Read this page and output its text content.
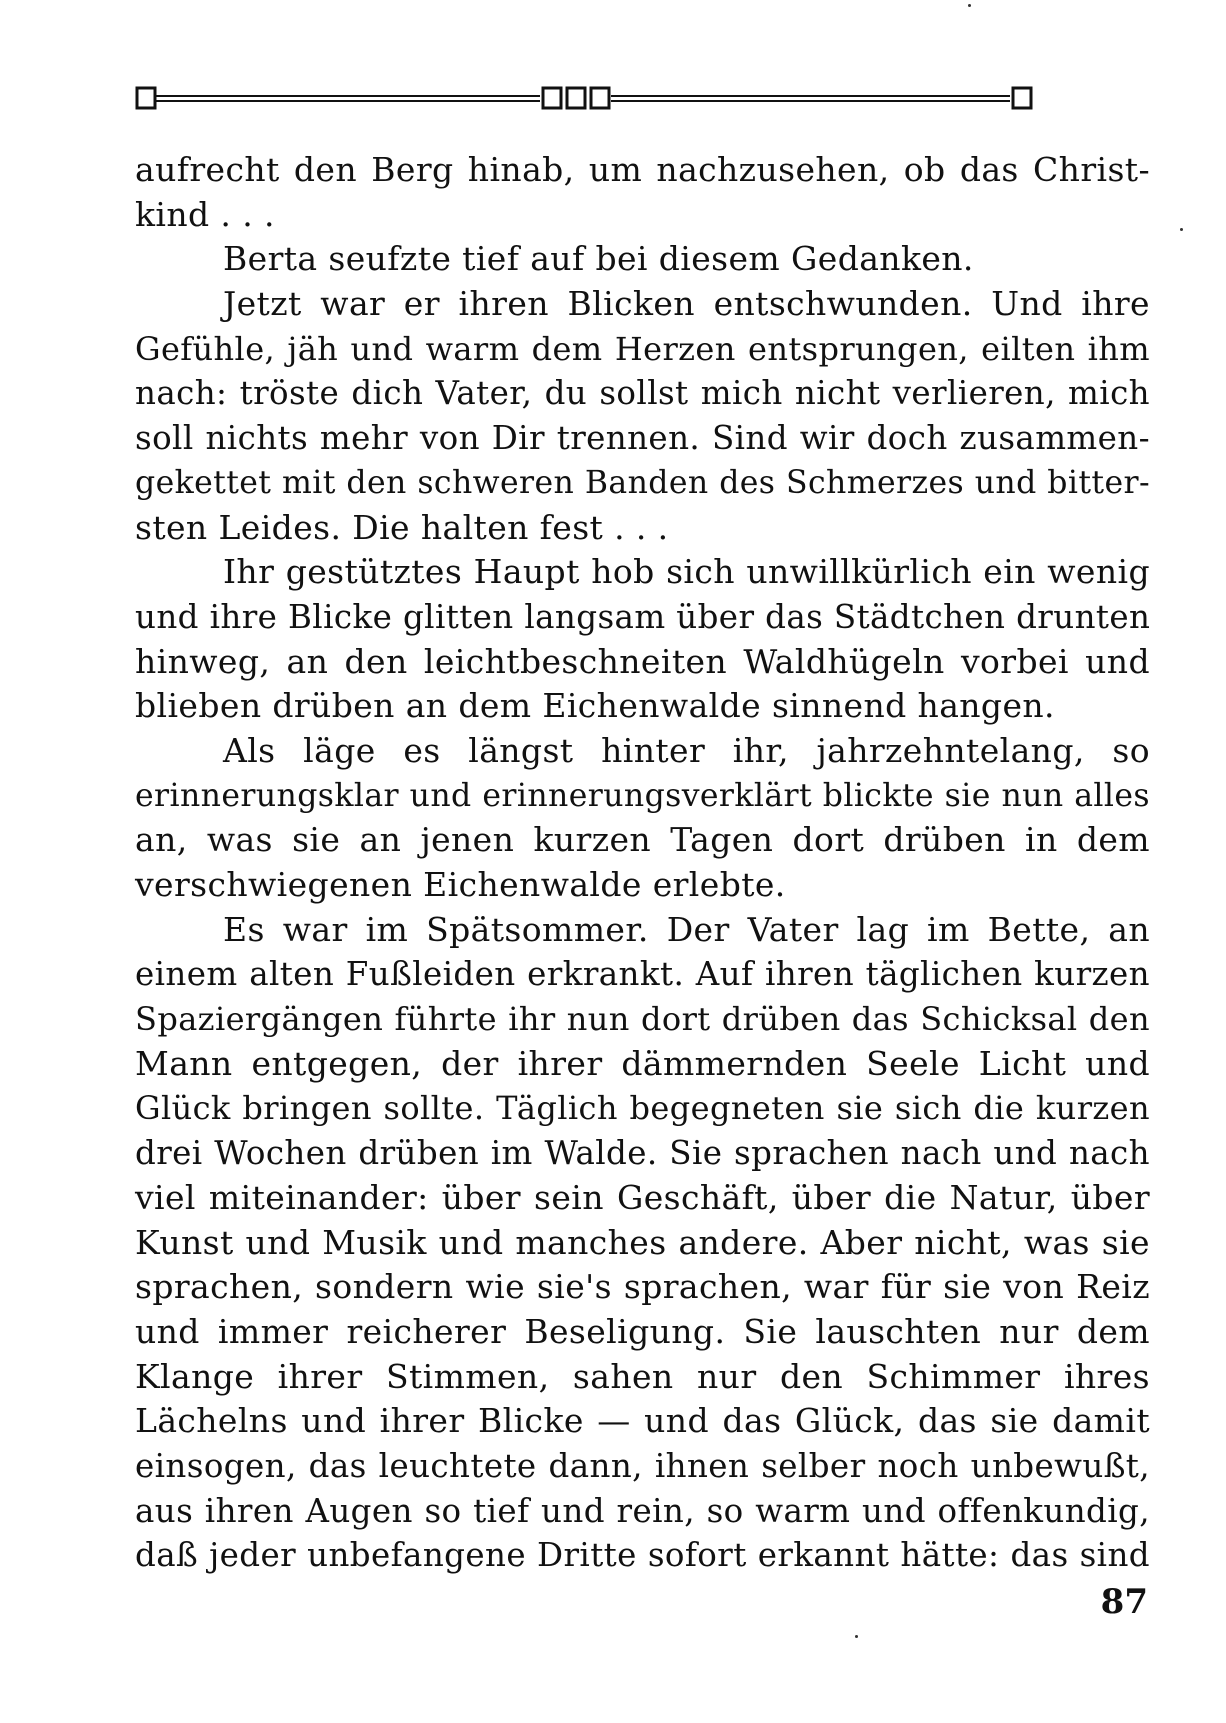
aufrecht den Berg hinab, um nachzusehen, ob das Christ-
kind . . .
Berta seufzte tief auf bei diesem Gedanken.
Jetzt war er ihren Blicken entschwunden. Und ihre
Gefühle, jäh und warm dem Herzen entsprungen, eilten ihm
nach: tröste dich Vater, du sollst mich nicht verlieren, mich
soll nichts mehr von Dir trennen. Sind wir doch zusammen-
gekettet mit den schweren Banden des Schmerzes und bitter-
sten Leides. Die halten fest . . .
Ihr gestütztes Haupt hob sich unwillkürlich ein wenig
und ihre Blicke glitten langsam über das Städtchen drunten
hinweg, an den leichtbeschneiten Waldhügeln vorbei und
blieben drüben an dem Eichenwalde sinnend hangen.
Als läge es längst hinter ihr, jahrzehntelang, so
erinnerungsklar und erinnerungsverklärt blickte sie nun alles
an, was sie an jenen kurzen Tagen dort drüben in dem
verschwiegenen Eichenwalde erlebte.
Es war im Spätsommer. Der Vater lag im Bette, an
einem alten Fußleiden erkrankt. Auf ihren täglichen kurzen
Spaziergängen führte ihr nun dort drüben das Schicksal den
Mann entgegen, der ihrer dämmernden Seele Licht und
Glück bringen sollte. Täglich begegneten sie sich die kurzen
drei Wochen drüben im Walde. Sie sprachen nach und nach
viel miteinander: über sein Geschäft, über die Natur, über
Kunst und Musik und manches andere. Aber nicht, was sie
sprachen, sondern wie sie's sprachen, war für sie von Reiz
und immer reicherer Beseligung. Sie lauschten nur dem
Klange ihrer Stimmen, sahen nur den Schimmer ihres
Lächelns und ihrer Blicke — und das Glück, das sie damit
einsogen, das leuchtete dann, ihnen selber noch unbewußt,
aus ihren Augen so tief und rein, so warm und offenkundig,
daß jeder unbefangene Dritte sofort erkannt hätte: das sind
87
